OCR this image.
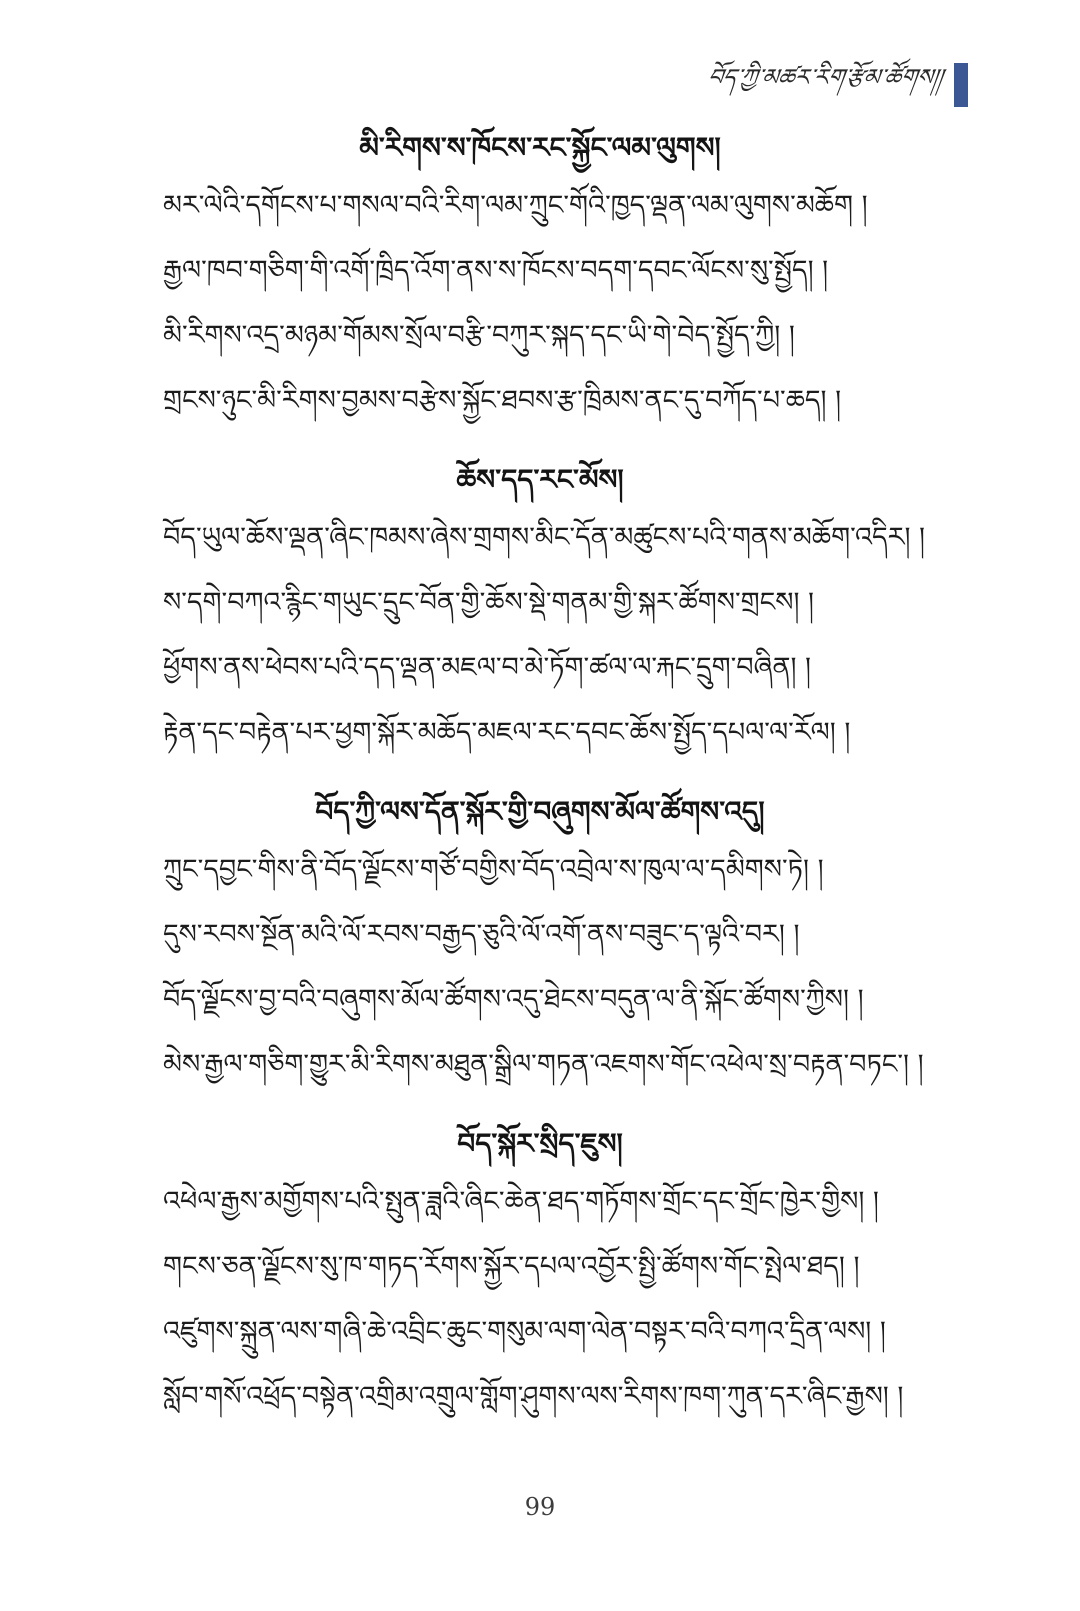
བོད་ཀྱི་མཚར་རིག་རྩོམ་ཚོགས།།
མི་རིགས་ས་ཁོངས་རང་སྐྱོང་ལམ་ལུགས།

མར་ལེའི་དགོངས་པ་གསལ་བའི་རིག་ལམ་ཀྲུང་གོའི་ཁྱད་ལྡན་ལམ་ལུགས་མཆོག །

རྒྱལ་ཁབ་གཅིག་གི་འགོ་ཁྲིད་འོག་ནས་ས་ཁོངས་བདག་དབང་ལོངས་སུ་སྤྱོད། །

མི་རིགས་འདྲ་མཉམ་གོམས་སྲོལ་བརྩི་བཀུར་སྐད་དང་ཡི་གེ་བེད་སྤྱོད་ཀྱི། །

གྲངས་ཉུང་མི་རིགས་བྱམས་བརྩེས་སྐྱོང་ཐབས་རྩ་ཁྲིམས་ནང་དུ་བཀོད་པ་ཆད། །

ཆོས་དད་རང་མོས།

བོད་ཡུལ་ཆོས་ལྡན་ཞིང་ཁམས་ཞེས་གྲགས་མིང་དོན་མཚུངས་པའི་གནས་མཆོག་འདིར། །

ས་དགེ་བཀའ་རྙིང་གཡུང་དྲུང་བོན་གྱི་ཆོས་སྡེ་གནམ་གྱི་སྐར་ཚོགས་གྲངས། །

ཕྱོགས་ནས་ཕེབས་པའི་དད་ལྡན་མཇལ་བ་མེ་ཏོག་ཚལ་ལ་རྐང་དྲུག་བཞིན། །

རྟེན་དང་བརྟེན་པར་ཕྱག་སྐོར་མཆོད་མཇལ་རང་དབང་ཆོས་སྤྱོད་དཔལ་ལ་རོལ། །

བོད་ཀྱི་ལས་དོན་སྐོར་གྱི་བཞུགས་མོལ་ཚོགས་འདུ།

ཀྲུང་དབྱང་གིས་ནི་བོད་ལྗོངས་གཙོ་བགྱིས་བོད་འབྲེལ་ས་ཁུལ་ལ་དམིགས་ཏེ། །

དུས་རབས་སྔོན་མའི་ལོ་རབས་བརྒྱད་ཅུའི་ལོ་འགོ་ནས་བཟུང་ད་ལྟའི་བར། །

བོད་ལྗོངས་བྱ་བའི་བཞུགས་མོལ་ཚོགས་འདུ་ཐེངས་བདུན་ལ་ནི་སྐོང་ཚོགས་ཀྱིས། །

མེས་རྒྱལ་གཅིག་གྱུར་མི་རིགས་མཐུན་སྒྲིལ་གཏན་འཇགས་གོང་འཕེལ་སྲ་བརྟན་བཏང་། །

བོད་སྐོར་སྲིད་ཇུས།

འཕེལ་རྒྱས་མགྱོགས་པའི་སྤུན་ཟླའི་ཞིང་ཆེན་ཐད་གཏོགས་གྲོང་དང་གྲོང་ཁྱེར་གྱིས། །

གངས་ཅན་ལྗོངས་སུ་ཁ་གཏད་རོགས་སྐྱོར་དཔལ་འབྱོར་སྤྱི་ཚོགས་གོང་སྤེལ་ཐད། །

འཛུགས་སྐྲུན་ལས་གཞི་ཆེ་འབྲིང་ཆུང་གསུམ་ལག་ལེན་བསྟར་བའི་བཀའ་དྲིན་ལས། །

སློབ་གསོ་འཕྲོད་བསྟེན་འགྲིམ་འགྲུལ་གློག་ཤུགས་ལས་རིགས་ཁག་ཀུན་དར་ཞིང་རྒྱས། །

99
